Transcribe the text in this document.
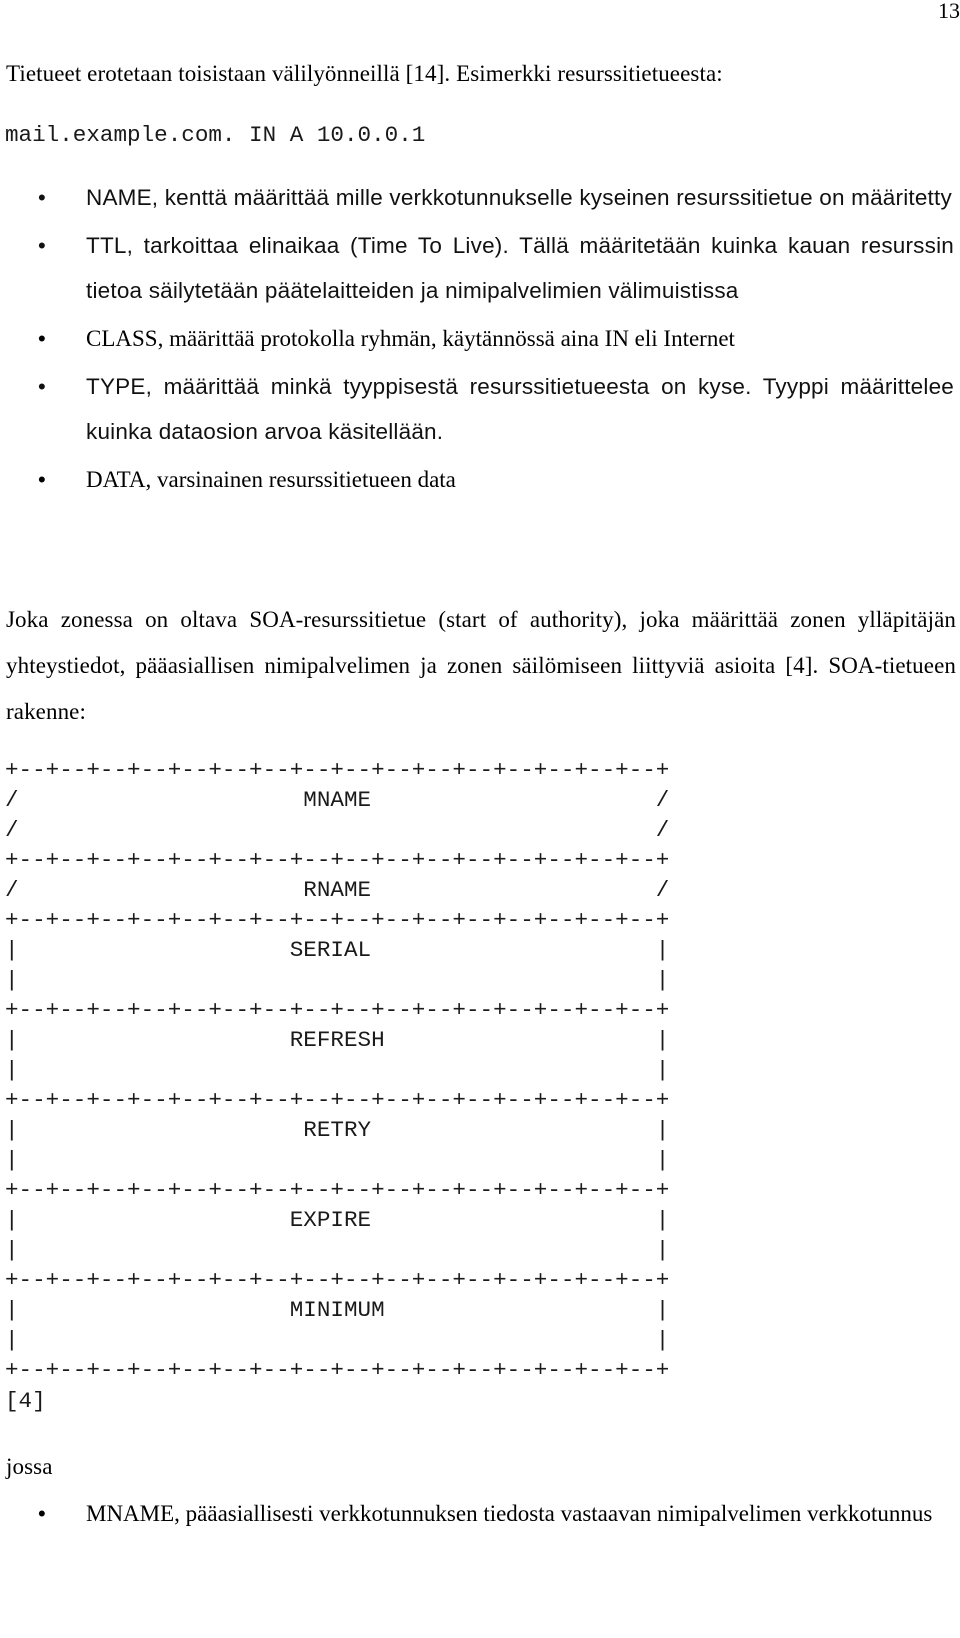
13
Tietueet erotetaan toisistaan välilyönneillä [14]. Esimerkki resurssitietueesta:
mail.example.com. IN A 10.0.0.1
• NAME, kenttä määrittää mille verkkotunnukselle kyseinen resurssitietue on määritetty
• TTL, tarkoittaa elinaikaa (Time To Live). Tällä määritetään kuinka kauan resurssin tietoa säilytetään päätelaitteiden ja nimipalvelimien välimuistissa
• CLASS, määrittää protokolla ryhmän, käytännössä aina IN eli Internet
• TYPE, määrittää minkä tyyppisestä resurssitietueesta on kyse. Tyyppi määrittelee kuinka dataosion arvoa käsitellään.
• DATA, varsinainen resurssitietueen data
Joka zonessa on oltava SOA-resurssitietue (start of authority), joka määrittää zonen ylläpitäjän yhteystiedot, pääasiallisen nimipalvelimen ja zonen säilömiseen liittyviä asioita [4]. SOA-tietueen rakenne:
+--+--+--+--+--+--+--+--+--+--+--+--+--+--+--+--+
/                     MNAME                     /
/                                               /
+--+--+--+--+--+--+--+--+--+--+--+--+--+--+--+--+
/                     RNAME                     /
+--+--+--+--+--+--+--+--+--+--+--+--+--+--+--+--+
|                    SERIAL                     |
|                                               |
+--+--+--+--+--+--+--+--+--+--+--+--+--+--+--+--+
|                    REFRESH                    |
|                                               |
+--+--+--+--+--+--+--+--+--+--+--+--+--+--+--+--+
|                     RETRY                     |
|                                               |
+--+--+--+--+--+--+--+--+--+--+--+--+--+--+--+--+
|                    EXPIRE                     |
|                                               |
+--+--+--+--+--+--+--+--+--+--+--+--+--+--+--+--+
|                    MINIMUM                    |
|                                               |
+--+--+--+--+--+--+--+--+--+--+--+--+--+--+--+--+
[4]
jossa
• MNAME, pääasiallisesti verkkotunnuksen tiedosta vastaavan nimipalvelimen verkkotunnus
